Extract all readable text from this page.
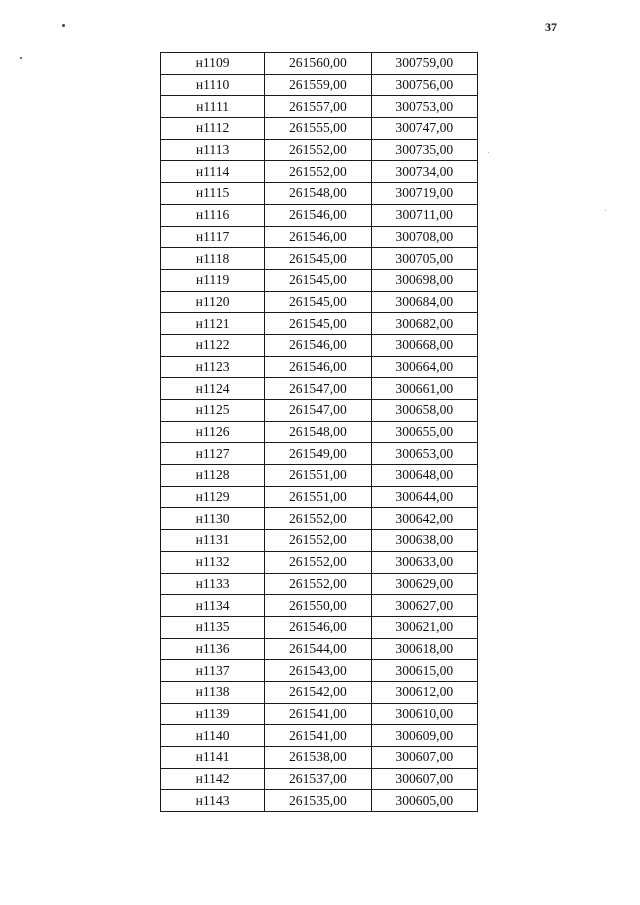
37
н1109	261560,00	300759,00
н1110	261559,00	300756,00
н1111	261557,00	300753,00
н1112	261555,00	300747,00
н1113	261552,00	300735,00
н1114	261552,00	300734,00
н1115	261548,00	300719,00
н1116	261546,00	300711,00
н1117	261546,00	300708,00
н1118	261545,00	300705,00
н1119	261545,00	300698,00
н1120	261545,00	300684,00
н1121	261545,00	300682,00
н1122	261546,00	300668,00
н1123	261546,00	300664,00
н1124	261547,00	300661,00
н1125	261547,00	300658,00
н1126	261548,00	300655,00
н1127	261549,00	300653,00
н1128	261551,00	300648,00
н1129	261551,00	300644,00
н1130	261552,00	300642,00
н1131	261552,00	300638,00
н1132	261552,00	300633,00
н1133	261552,00	300629,00
н1134	261550,00	300627,00
н1135	261546,00	300621,00
н1136	261544,00	300618,00
н1137	261543,00	300615,00
н1138	261542,00	300612,00
н1139	261541,00	300610,00
н1140	261541,00	300609,00
н1141	261538,00	300607,00
н1142	261537,00	300607,00
н1143	261535,00	300605,00
